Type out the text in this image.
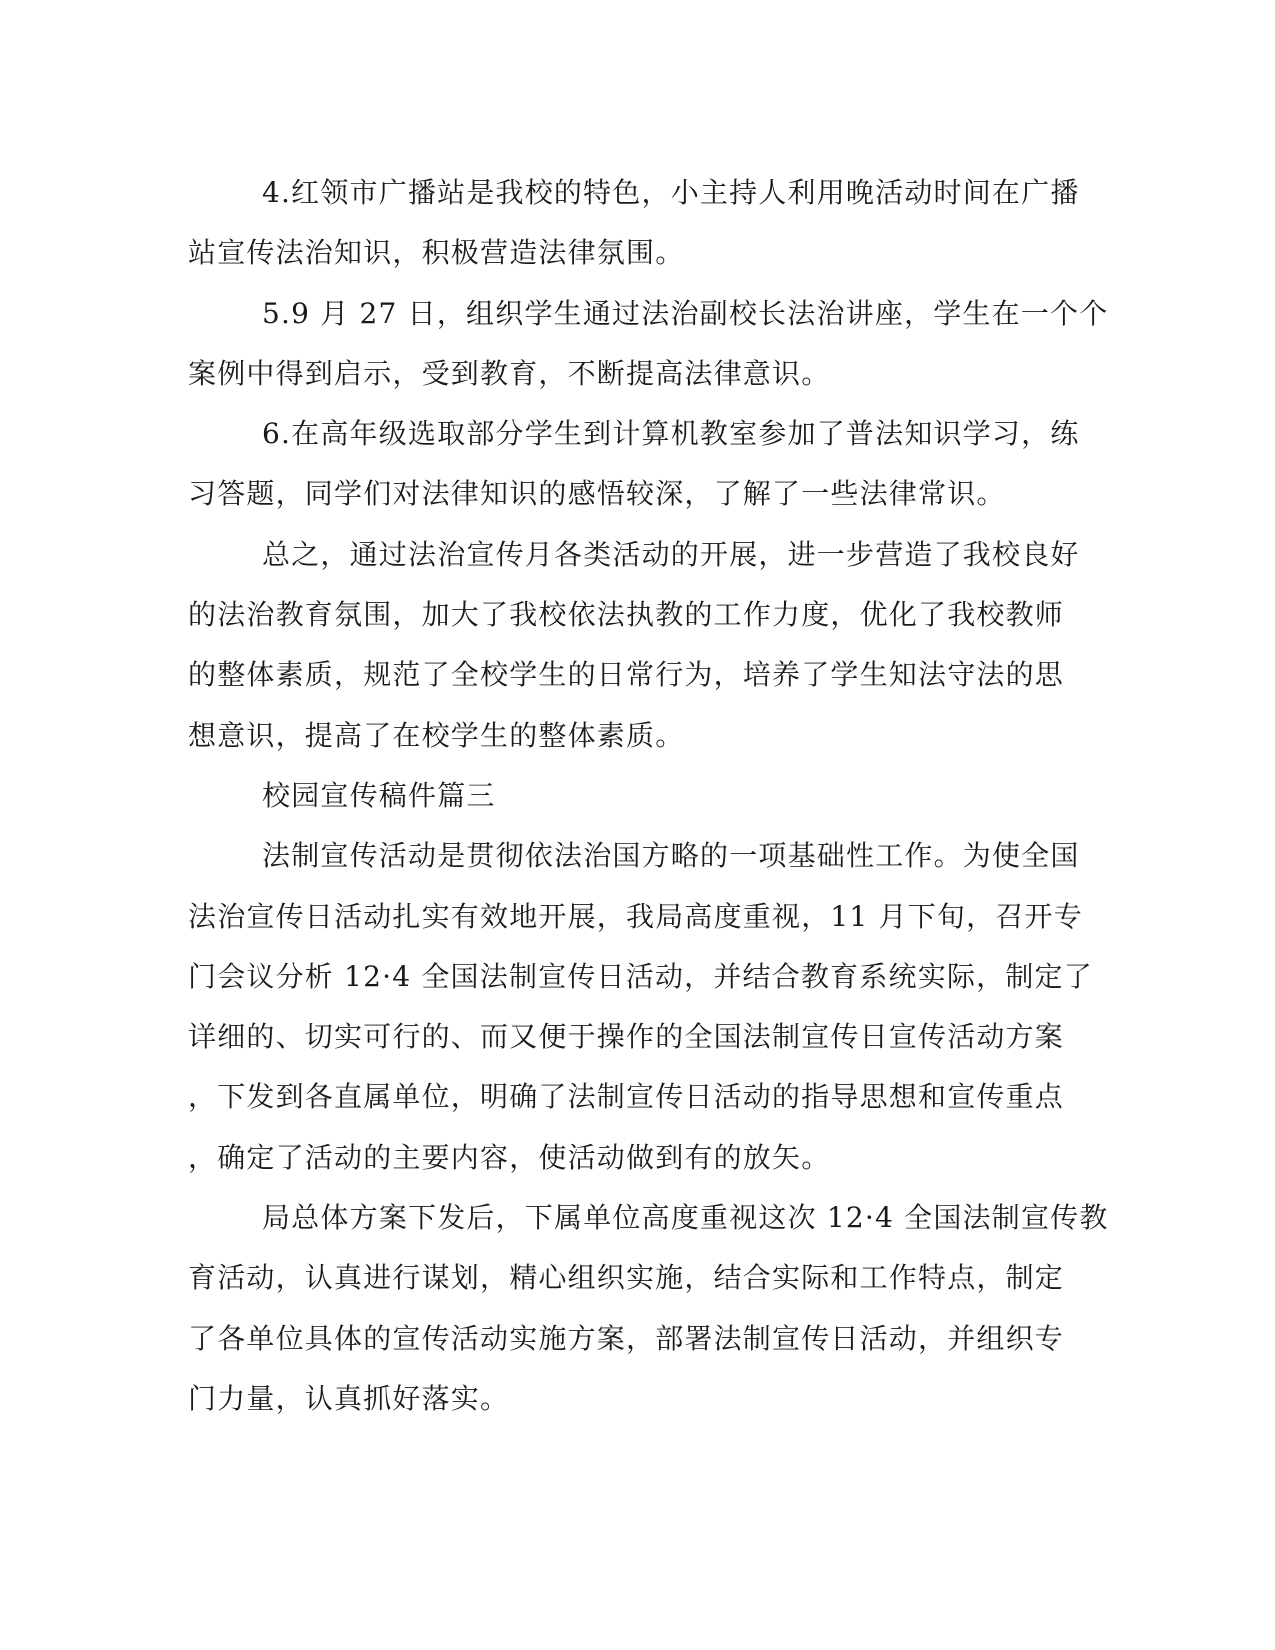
4.红领市广播站是我校的特色，小主持人利用晚活动时间在广播
站宣传法治知识，积极营造法律氛围。
5.9 月 27 日，组织学生通过法治副校长法治讲座，学生在一个个
案例中得到启示，受到教育，不断提高法律意识。
6.在高年级选取部分学生到计算机教室参加了普法知识学习，练
习答题，同学们对法律知识的感悟较深，了解了一些法律常识。
总之，通过法治宣传月各类活动的开展，进一步营造了我校良好
的法治教育氛围，加大了我校依法执教的工作力度，优化了我校教师
的整体素质，规范了全校学生的日常行为，培养了学生知法守法的思
想意识，提高了在校学生的整体素质。
校园宣传稿件篇三
法制宣传活动是贯彻依法治国方略的一项基础性工作。为使全国
法治宣传日活动扎实有效地开展，我局高度重视，11 月下旬，召开专
门会议分析 12·4 全国法制宣传日活动，并结合教育系统实际，制定了
详细的、切实可行的、而又便于操作的全国法制宣传日宣传活动方案
，下发到各直属单位，明确了法制宣传日活动的指导思想和宣传重点
，确定了活动的主要内容，使活动做到有的放矢。
局总体方案下发后，下属单位高度重视这次 12·4 全国法制宣传教
育活动，认真进行谋划，精心组织实施，结合实际和工作特点，制定
了各单位具体的宣传活动实施方案，部署法制宣传日活动，并组织专
门力量，认真抓好落实。
